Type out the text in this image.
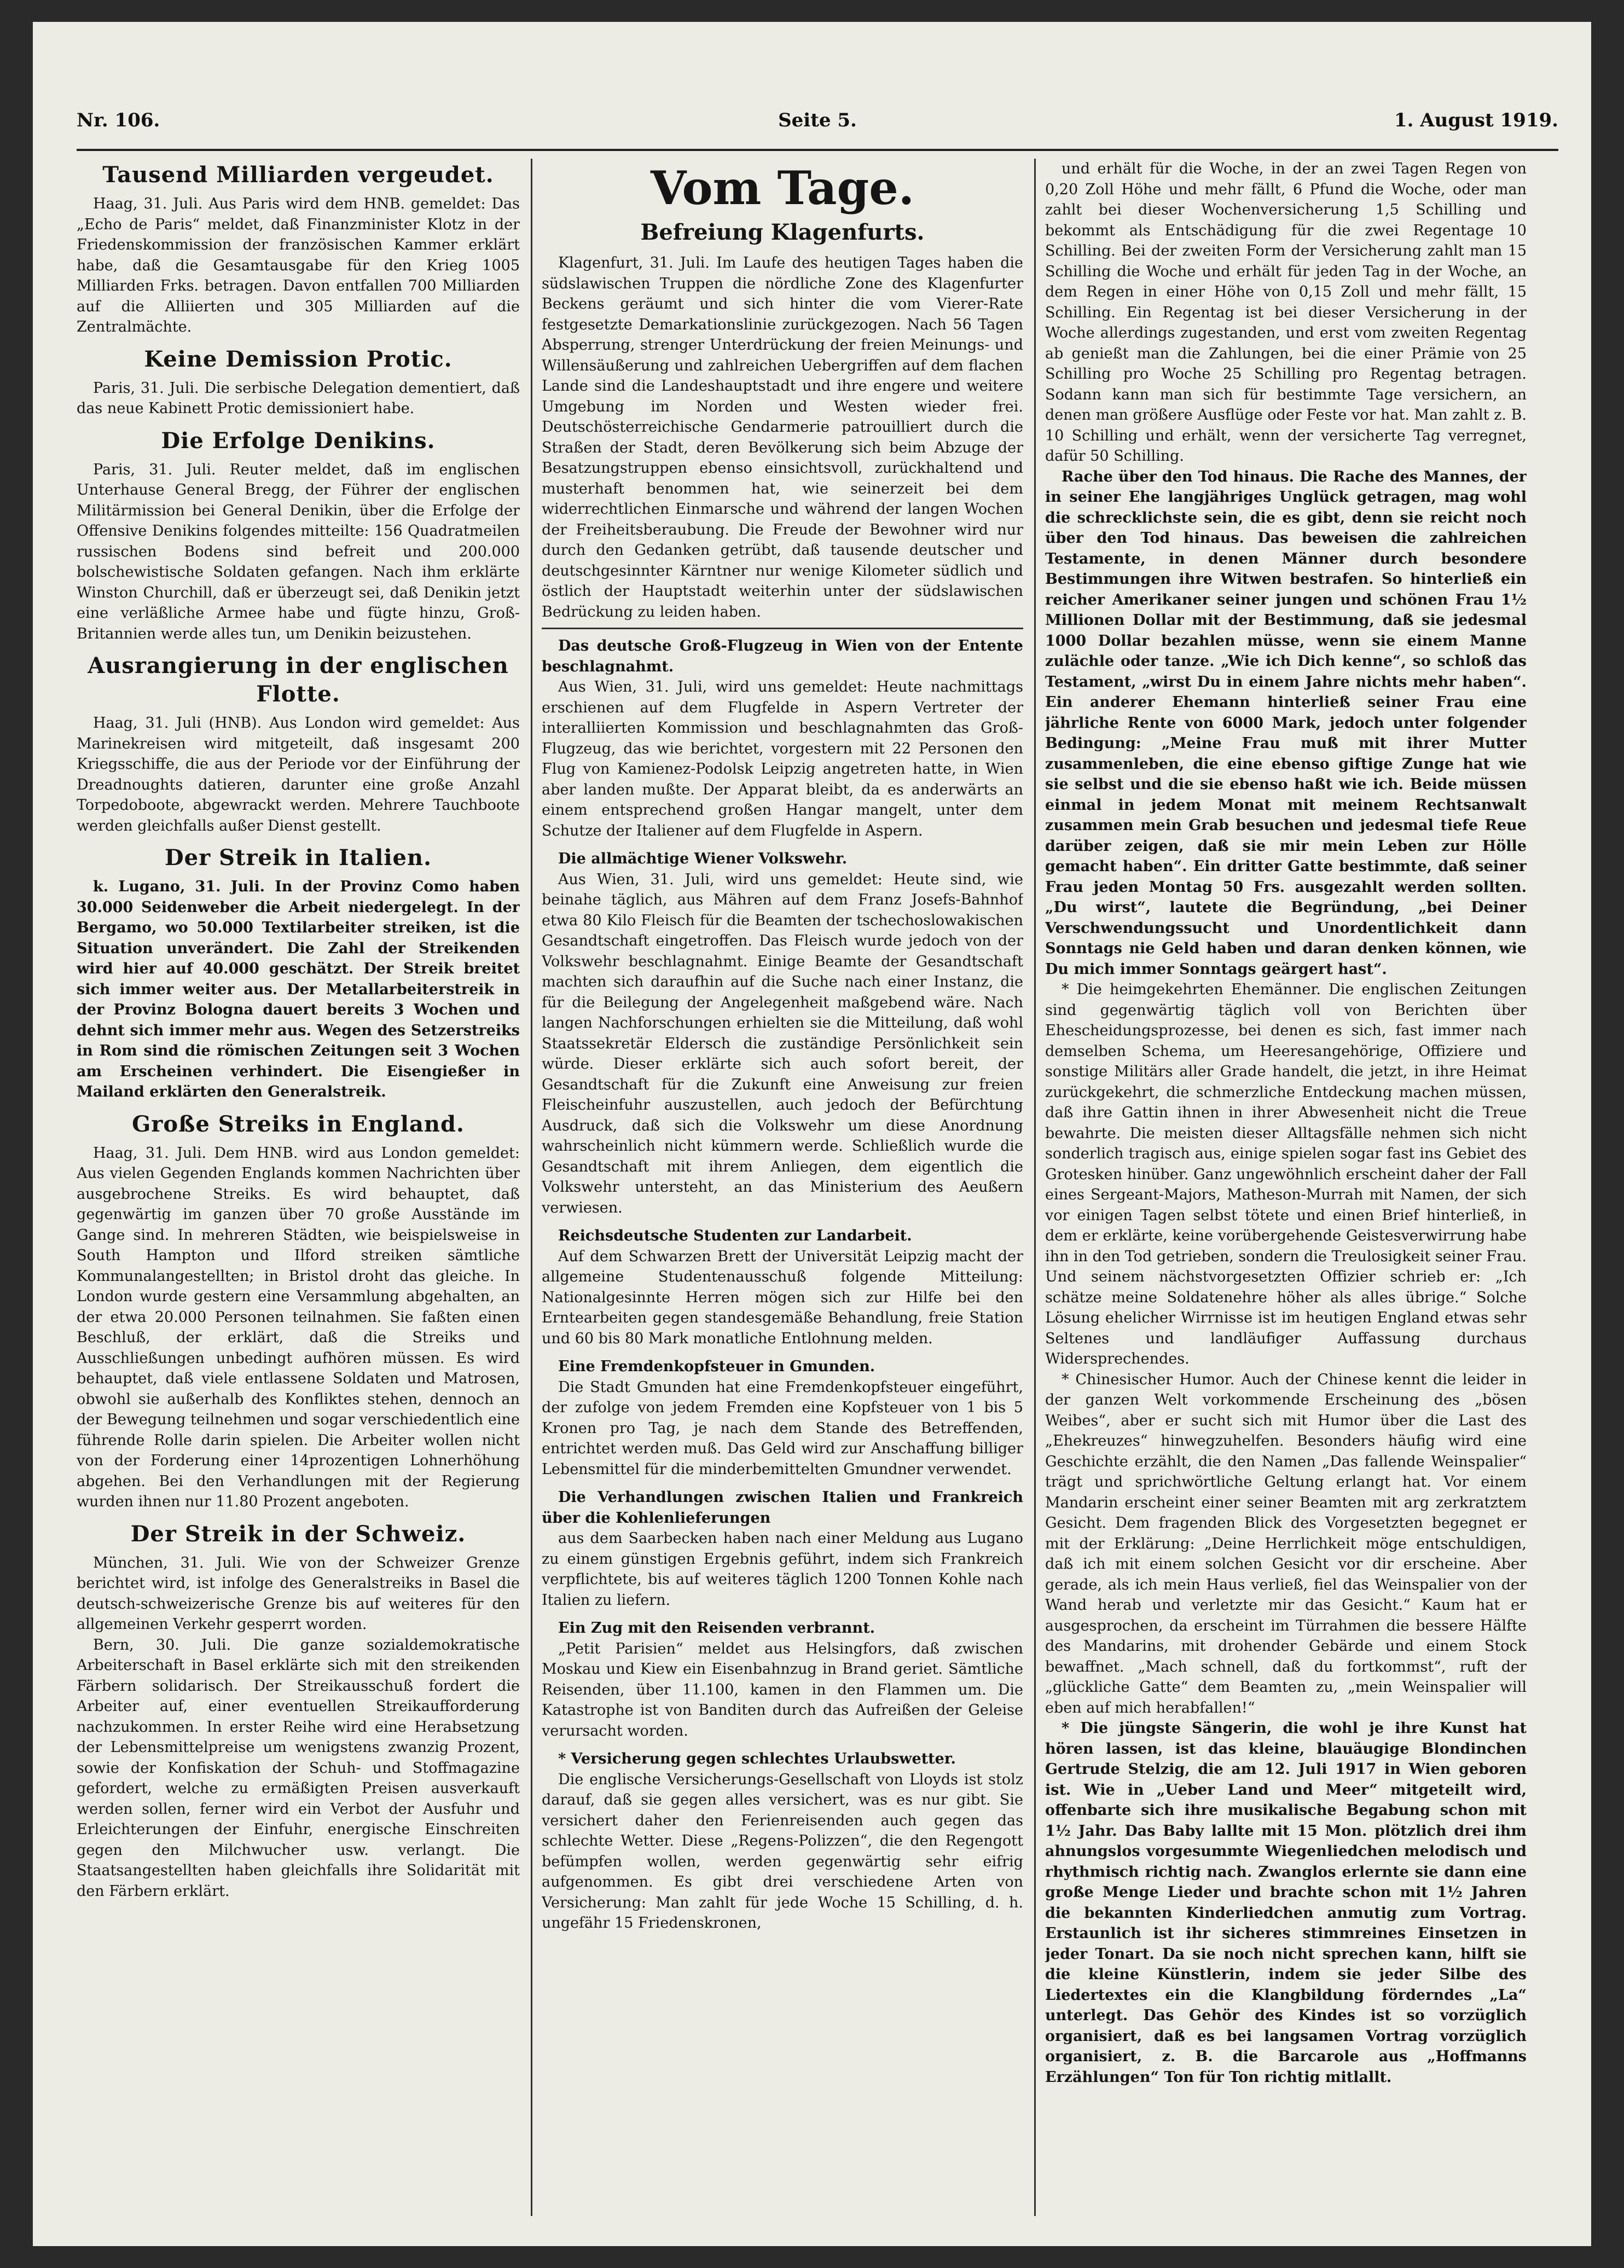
Nr. 106.	Seite 5.	1. August 1919.
Tausend Milliarden vergeudet.

Haag, 31. Juli. Aus Paris wird dem HNB. gemeldet: Das „Echo de Paris“ meldet, daß Finanzminister Klotz in der Friedenskommission der französischen Kammer erklärt habe, daß die Gesamtausgabe für den Krieg 1005 Milliarden Frks. betragen. Davon entfallen 700 Milliarden auf die Alliierten und 305 Milliarden auf die Zentralmächte.

Keine Demission Protic.

Paris, 31. Juli. Die serbische Delegation dementiert, daß das neue Kabinett Protic demissioniert habe.

Die Erfolge Denikins.

Paris, 31. Juli. Reuter meldet, daß im englischen Unterhause General Bregg, der Führer der englischen Militärmission bei General Denikin, über die Erfolge der Offensive Denikins folgendes mitteilte: 156 Quadratmeilen russischen Bodens sind befreit und 200.000 bolschewistische Soldaten gefangen. Nach ihm erklärte Winston Churchill, daß er überzeugt sei, daß Denikin jetzt eine verläßliche Armee habe und fügte hinzu, Groß-Britannien werde alles tun, um Denikin beizustehen.

Ausrangierung in der englischen Flotte.

Haag, 31. Juli (HNB). Aus London wird gemeldet: Aus Marinekreisen wird mitgeteilt, daß insgesamt 200 Kriegsschiffe, die aus der Periode vor der Einführung der Dreadnoughts datieren, darunter eine große Anzahl Torpedoboote, abgewrackt werden. Mehrere Tauchboote werden gleichfalls außer Dienst gestellt.

Der Streik in Italien.

k. Lugano, 31. Juli. In der Provinz Como haben 30.000 Seidenweber die Arbeit niedergelegt. In der Bergamo, wo 50.000 Textilarbeiter streiken, ist die Situation unverändert. Die Zahl der Streikenden wird hier auf 40.000 geschätzt. Der Streik breitet sich immer weiter aus. Der Metallarbeiterstreik in der Provinz Bologna dauert bereits 3 Wochen und dehnt sich immer mehr aus. Wegen des Setzerstreiks in Rom sind die römischen Zeitungen seit 3 Wochen am Erscheinen verhindert. Die Eisengießer in Mailand erklärten den Generalstreik.

Große Streiks in England.

Haag, 31. Juli. Dem HNB. wird aus London gemeldet: Aus vielen Gegenden Englands kommen Nachrichten über ausgebrochene Streiks. Es wird behauptet, daß gegenwärtig im ganzen über 70 große Ausstände im Gange sind. In mehreren Städten, wie beispielsweise in South Hampton und Ilford streiken sämtliche Kommunalangestellten; in Bristol droht das gleiche. In London wurde gestern eine Versammlung abgehalten, an der etwa 20.000 Personen teilnahmen. Sie faßten einen Beschluß, der erklärt, daß die Streiks und Ausschließungen unbedingt aufhören müssen. Es wird behauptet, daß viele entlassene Soldaten und Matrosen, obwohl sie außerhalb des Konfliktes stehen, dennoch an der Bewegung teilnehmen und sogar verschiedentlich eine führende Rolle darin spielen. Die Arbeiter wollen nicht von der Forderung einer 14prozentigen Lohnerhöhung abgehen. Bei den Verhandlungen mit der Regierung wurden ihnen nur 11.80 Prozent angeboten.

Der Streik in der Schweiz.

München, 31. Juli. Wie von der Schweizer Grenze berichtet wird, ist infolge des Generalstreiks in Basel die deutsch-schweizerische Grenze bis auf weiteres für den allgemeinen Verkehr gesperrt worden.

Bern, 30. Juli. Die ganze sozialdemokratische Arbeiterschaft in Basel erklärte sich mit den streikenden Färbern solidarisch. Der Streikausschuß fordert die Arbeiter auf, einer eventuellen Streikaufforderung nachzukommen. In erster Reihe wird eine Herabsetzung der Lebensmittelpreise um wenigstens zwanzig Prozent, sowie der Konfiskation der Schuh- und Stoffmagazine gefordert, welche zu ermäßigten Preisen ausverkauft werden sollen, ferner wird ein Verbot der Ausfuhr und Erleichterungen der Einfuhr, energische Einschreiten gegen den Milchwucher usw. verlangt. Die Staatsangestellten haben gleichfalls ihre Solidarität mit den Färbern erklärt.

Vom Tage.
Befreiung Klagenfurts.

Klagenfurt, 31. Juli. Im Laufe des heutigen Tages haben die südslawischen Truppen die nördliche Zone des Klagenfurter Beckens geräumt und sich hinter die vom Vierer-Rate festgesetzte Demarkationslinie zurückgezogen. Nach 56 Tagen Absperrung, strenger Unterdrückung der freien Meinungs- und Willensäußerung und zahlreichen Uebergriffen auf dem flachen Lande sind die Landeshauptstadt und ihre engere und weitere Umgebung im Norden und Westen wieder frei. Deutschösterreichische Gendarmerie patrouilliert durch die Straßen der Stadt, deren Bevölkerung sich beim Abzuge der Besatzungstruppen ebenso einsichtsvoll, zurückhaltend und musterhaft benommen hat, wie seinerzeit bei dem widerrechtlichen Einmarsche und während der langen Wochen der Freiheitsberaubung. Die Freude der Bewohner wird nur durch den Gedanken getrübt, daß tausende deutscher und deutschgesinnter Kärntner nur wenige Kilometer südlich und östlich der Hauptstadt weiterhin unter der südslawischen Bedrückung zu leiden haben.

Das deutsche Groß-Flugzeug in Wien von der Entente beschlagnahmt.

Aus Wien, 31. Juli, wird uns gemeldet: Heute nachmittags erschienen auf dem Flugfelde in Aspern Vertreter der interalliierten Kommission und beschlagnahmten das Groß-Flugzeug, das wie berichtet, vorgestern mit 22 Personen den Flug von Kamienez-Podolsk Leipzig angetreten hatte, in Wien aber landen mußte. Der Apparat bleibt, da es anderwärts an einem entsprechend großen Hangar mangelt, unter dem Schutze der Italiener auf dem Flugfelde in Aspern.

Die allmächtige Wiener Volkswehr.

Aus Wien, 31. Juli, wird uns gemeldet: Heute sind, wie beinahe täglich, aus Mähren auf dem Franz Josefs-Bahnhof etwa 80 Kilo Fleisch für die Beamten der tschechoslowakischen Gesandtschaft eingetroffen. Das Fleisch wurde jedoch von der Volkswehr beschlagnahmt. Einige Beamte der Gesandtschaft machten sich daraufhin auf die Suche nach einer Instanz, die für die Beilegung der Angelegenheit maßgebend wäre. Nach langen Nachforschungen erhielten sie die Mitteilung, daß wohl Staatssekretär Eldersch die zuständige Persönlichkeit sein würde. Dieser erklärte sich auch sofort bereit, der Gesandtschaft für die Zukunft eine Anweisung zur freien Fleischeinfuhr auszustellen, auch jedoch der Befürchtung Ausdruck, daß sich die Volkswehr um diese Anordnung wahrscheinlich nicht kümmern werde. Schließlich wurde die Gesandtschaft mit ihrem Anliegen, dem eigentlich die Volkswehr untersteht, an das Ministerium des Aeußern verwiesen.

Reichsdeutsche Studenten zur Landarbeit.

Auf dem Schwarzen Brett der Universität Leipzig macht der allgemeine Studentenausschuß folgende Mitteilung: Nationalgesinnte Herren mögen sich zur Hilfe bei den Erntearbeiten gegen standesgemäße Behandlung, freie Station und 60 bis 80 Mark monatliche Entlohnung melden.

Eine Fremdenkopfsteuer in Gmunden.

Die Stadt Gmunden hat eine Fremdenkopfsteuer eingeführt, der zufolge von jedem Fremden eine Kopfsteuer von 1 bis 5 Kronen pro Tag, je nach dem Stande des Betreffenden, entrichtet werden muß. Das Geld wird zur Anschaffung billiger Lebensmittel für die minderbemittelten Gmundner verwendet.

Die Verhandlungen zwischen Italien und Frankreich über die Kohlenlieferungen

aus dem Saarbecken haben nach einer Meldung aus Lugano zu einem günstigen Ergebnis geführt, indem sich Frankreich verpflichtete, bis auf weiteres täglich 1200 Tonnen Kohle nach Italien zu liefern.

Ein Zug mit den Reisenden verbrannt.

„Petit Parisien“ meldet aus Helsingfors, daß zwischen Moskau und Kiew ein Eisenbahnzug in Brand geriet. Sämtliche Reisenden, über 11.100, kamen in den Flammen um. Die Katastrophe ist von Banditen durch das Aufreißen der Geleise verursacht worden.

* Versicherung gegen schlechtes Urlaubswetter.

Die englische Versicherungs-Gesellschaft von Lloyds ist stolz darauf, daß sie gegen alles versichert, was es nur gibt. Sie versichert daher den Ferienreisenden auch gegen das schlechte Wetter. Diese „Regens-Polizzen“, die den Regengott befümpfen wollen, werden gegenwärtig sehr eifrig aufgenommen. Es gibt drei verschiedene Arten von Versicherung: Man zahlt für jede Woche 15 Schilling, d. h. ungefähr 15 Friedenskronen,

und erhält für die Woche, in der an zwei Tagen Regen von 0,20 Zoll Höhe und mehr fällt, 6 Pfund die Woche, oder man zahlt bei dieser Wochenversicherung 1,5 Schilling und bekommt als Entschädigung für die zwei Regentage 10 Schilling. Bei der zweiten Form der Versicherung zahlt man 15 Schilling die Woche und erhält für jeden Tag in der Woche, an dem Regen in einer Höhe von 0,15 Zoll und mehr fällt, 15 Schilling. Ein Regentag ist bei dieser Versicherung in der Woche allerdings zugestanden, und erst vom zweiten Regentag ab genießt man die Zahlungen, bei die einer Prämie von 25 Schilling pro Woche 25 Schilling pro Regentag betragen. Sodann kann man sich für bestimmte Tage versichern, an denen man größere Ausflüge oder Feste vor hat. Man zahlt z. B. 10 Schilling und erhält, wenn der versicherte Tag verregnet, dafür 50 Schilling.

Rache über den Tod hinaus. Die Rache des Mannes, der in seiner Ehe langjähriges Unglück getragen, mag wohl die schrecklichste sein, die es gibt, denn sie reicht noch über den Tod hinaus. Das beweisen die zahlreichen Testamente, in denen Männer durch besondere Bestimmungen ihre Witwen bestrafen. So hinterließ ein reicher Amerikaner seiner jungen und schönen Frau 1½ Millionen Dollar mit der Bestimmung, daß sie jedesmal 1000 Dollar bezahlen müsse, wenn sie einem Manne zulächle oder tanze. „Wie ich Dich kenne“, so schloß das Testament, „wirst Du in einem Jahre nichts mehr haben“. Ein anderer Ehemann hinterließ seiner Frau eine jährliche Rente von 6000 Mark, jedoch unter folgender Bedingung: „Meine Frau muß mit ihrer Mutter zusammenleben, die eine ebenso giftige Zunge hat wie sie selbst und die sie ebenso haßt wie ich. Beide müssen einmal in jedem Monat mit meinem Rechtsanwalt zusammen mein Grab besuchen und jedesmal tiefe Reue darüber zeigen, daß sie mir mein Leben zur Hölle gemacht haben“. Ein dritter Gatte bestimmte, daß seiner Frau jeden Montag 50 Frs. ausgezahlt werden sollten. „Du wirst“, lautete die Begründung, „bei Deiner Verschwendungssucht und Unordentlichkeit dann Sonntags nie Geld haben und daran denken können, wie Du mich immer Sonntags geärgert hast“.

* Die heimgekehrten Ehemänner. Die englischen Zeitungen sind gegenwärtig täglich voll von Berichten über Ehescheidungsprozesse, bei denen es sich, fast immer nach demselben Schema, um Heeresangehörige, Offiziere und sonstige Militärs aller Grade handelt, die jetzt, in ihre Heimat zurückgekehrt, die schmerzliche Entdeckung machen müssen, daß ihre Gattin ihnen in ihrer Abwesenheit nicht die Treue bewahrte. Die meisten dieser Alltagsfälle nehmen sich nicht sonderlich tragisch aus, einige spielen sogar fast ins Gebiet des Grotesken hinüber. Ganz ungewöhnlich erscheint daher der Fall eines Sergeant-Majors, Matheson-Murrah mit Namen, der sich vor einigen Tagen selbst tötete und einen Brief hinterließ, in dem er erklärte, keine vorübergehende Geistesverwirrung habe ihn in den Tod getrieben, sondern die Treulosigkeit seiner Frau. Und seinem nächstvorgesetzten Offizier schrieb er: „Ich schätze meine Soldatenehre höher als alles übrige.“ Solche Lösung ehelicher Wirrnisse ist im heutigen England etwas sehr Seltenes und landläufiger Auffassung durchaus Widersprechendes.

* Chinesischer Humor. Auch der Chinese kennt die leider in der ganzen Welt vorkommende Erscheinung des „bösen Weibes“, aber er sucht sich mit Humor über die Last des „Ehekreuzes“ hinwegzuhelfen. Besonders häufig wird eine Geschichte erzählt, die den Namen „Das fallende Weinspalier“ trägt und sprichwörtliche Geltung erlangt hat. Vor einem Mandarin erscheint einer seiner Beamten mit arg zerkratztem Gesicht. Dem fragenden Blick des Vorgesetzten begegnet er mit der Erklärung: „Deine Herrlichkeit möge entschuldigen, daß ich mit einem solchen Gesicht vor dir erscheine. Aber gerade, als ich mein Haus verließ, fiel das Weinspalier von der Wand herab und verletzte mir das Gesicht.“ Kaum hat er ausgesprochen, da erscheint im Türrahmen die bessere Hälfte des Mandarins, mit drohender Gebärde und einem Stock bewaffnet. „Mach schnell, daß du fortkommst“, ruft der „glückliche Gatte“ dem Beamten zu, „mein Weinspalier will eben auf mich herabfallen!“

* Die jüngste Sängerin, die wohl je ihre Kunst hat hören lassen, ist das kleine, blauäugige Blondinchen Gertrude Stelzig, die am 12. Juli 1917 in Wien geboren ist. Wie in „Ueber Land und Meer“ mitgeteilt wird, offenbarte sich ihre musikalische Begabung schon mit 1½ Jahr. Das Baby lallte mit 15 Mon. plötzlich drei ihm ahnungslos vorgesummte Wiegenliedchen melodisch und rhythmisch richtig nach. Zwanglos erlernte sie dann eine große Menge Lieder und brachte schon mit 1½ Jahren die bekannten Kinderliedchen anmutig zum Vortrag. Erstaunlich ist ihr sicheres stimmreines Einsetzen in jeder Tonart. Da sie noch nicht sprechen kann, hilft sie die kleine Künstlerin, indem sie jeder Silbe des Liedertextes ein die Klangbildung förderndes „La“ unterlegt. Das Gehör des Kindes ist so vorzüglich organisiert, daß es bei langsamen Vortrag vorzüglich organisiert, z. B. die Barcarole aus „Hoffmanns Erzählungen“ Ton für Ton richtig mitlallt.
